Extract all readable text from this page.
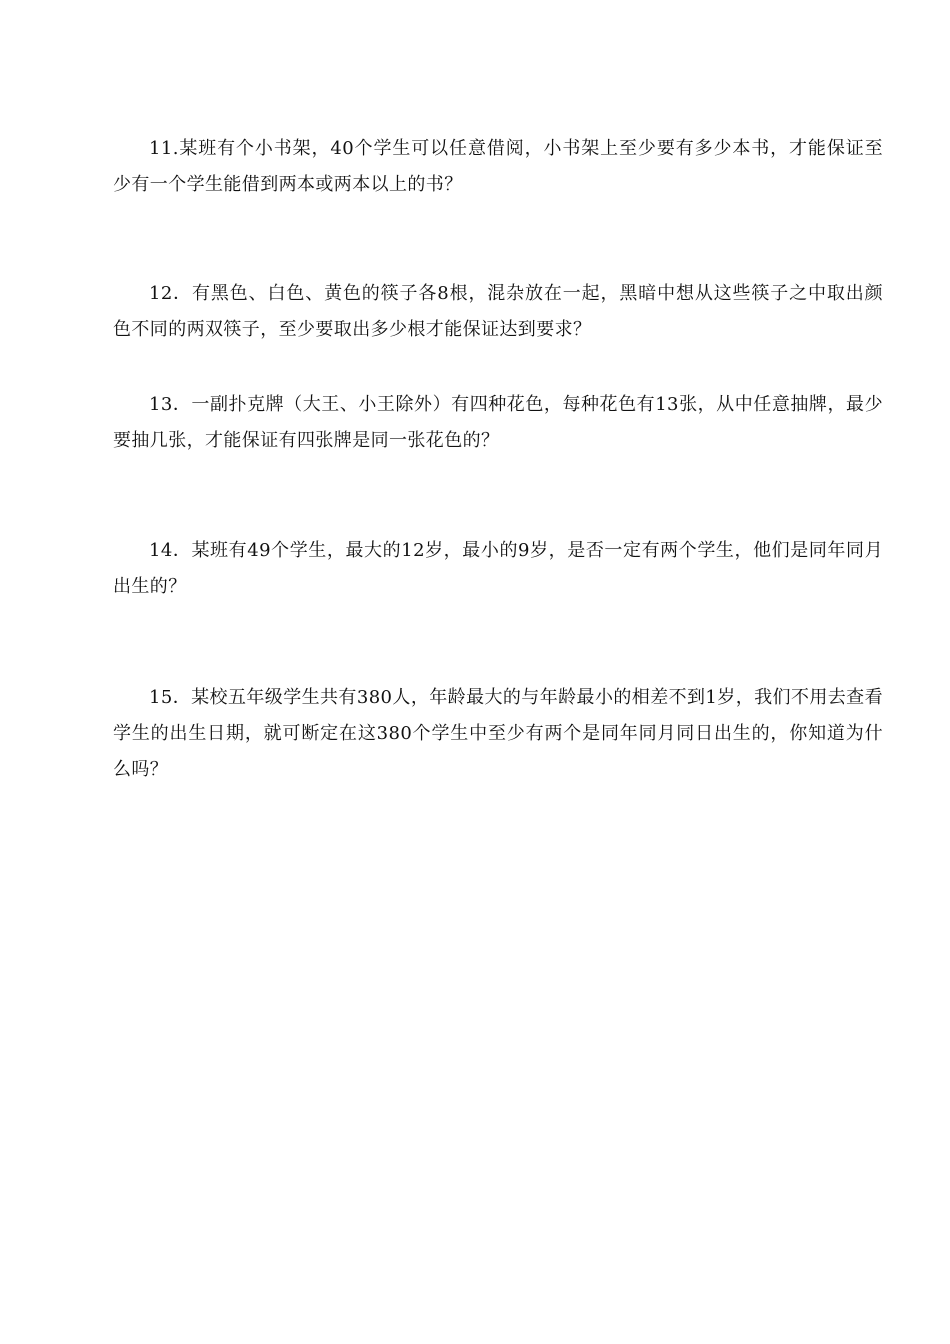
11.某班有个小书架，40个学生可以任意借阅，小书架上至少要有多少本书，才能保证至少有一个学生能借到两本或两本以上的书？

12．有黑色、白色、黄色的筷子各8根，混杂放在一起，黑暗中想从这些筷子之中取出颜色不同的两双筷子，至少要取出多少根才能保证达到要求？

13．一副扑克牌（大王、小王除外）有四种花色，每种花色有13张，从中任意抽牌，最少要抽几张，才能保证有四张牌是同一张花色的？

14．某班有49个学生，最大的12岁，最小的9岁，是否一定有两个学生，他们是同年同月出生的？

15．某校五年级学生共有380人，年龄最大的与年龄最小的相差不到1岁，我们不用去查看学生的出生日期，就可断定在这380个学生中至少有两个是同年同月同日出生的，你知道为什么吗？
